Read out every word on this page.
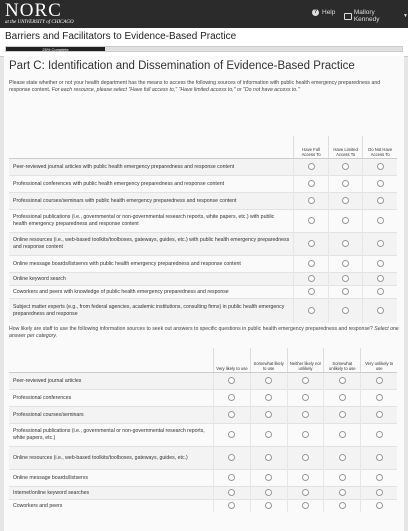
NORC
at the UNIVERSITY of CHICAGO
? Help	Mallory Kennedy	▼
Barriers and Facilitators to Evidence-Based Practice
25% Complete
Part C: Identification and Dissemination of Evidence-Based Practice
Please state whether or not your health department has the means to access the following sources of information with public health emergency preparedness and response content. For each resource, please select "Have full access to," "Have limited access to," or "Do not have access to."
	Have Full Access To	Have Limited Access To	Do Not Have Access To
Peer-reviewed journal articles with public health emergency preparedness and response content			
Professional conferences with public health emergency preparedness and response content			
Professional courses/seminars with public health emergency preparedness and response content			
Professional publications (i.e., governmental or non-governmental research reports, white papers, etc.) with public health emergency preparedness and response content			
Online resources (i.e., web-based toolkits/toolboxes, gateways, guides, etc.) with public health emergency preparedness and response content			
Online message boards/listservs with public health emergency preparedness and response content			
Online keyword search			
Coworkers and peers with knowledge of public health emergency preparedness and response			
Subject matter experts (e.g., from federal agencies, academic institutions, consulting firms) in public health emergency preparedness and response			
How likely are staff to use the following information sources to seek out answers to specific questions in public health emergency preparedness and response? Select one answer per category.
	Very likely to use	Somewhat likely to use	Neither likely nor unlikely	Somewhat unlikely to use	Very unlikely to use
Peer-reviewed journal articles					
Professional conferences					
Professional courses/seminars					
Professional publications (i.e., governmental or non-governmental research reports, white papers, etc.)					
Online resources (i.e., web-based toolkits/toolboxes, gateways, guides, etc.)					
Online message boards/listservs					
Internet/online keyword searches					
Coworkers and peers					
